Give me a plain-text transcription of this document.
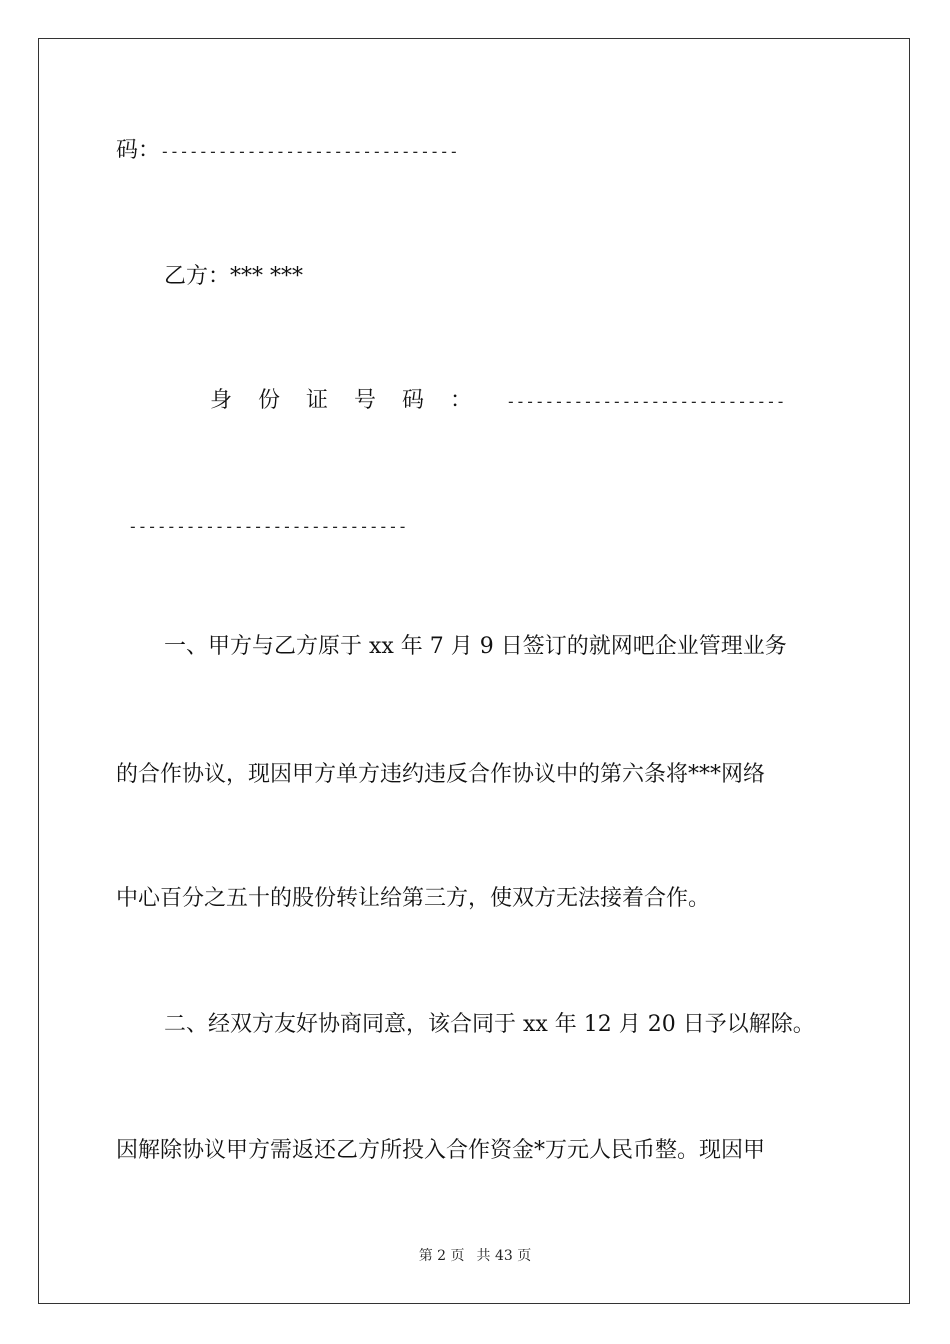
码：-------------------------------
乙方：*** ***
身份证号码： -----------------------------
-----------------------------
一、甲方与乙方原于 xx 年 7 月 9 日签订的就网吧企业管理业务
的合作协议，现因甲方单方违约违反合作协议中的第六条将***网络
中心百分之五十的股份转让给第三方，使双方无法接着合作。
二、经双方友好协商同意，该合同于 xx 年 12 月 20 日予以解除。
因解除协议甲方需返还乙方所投入合作资金*万元人民币整。现因甲
第 2 页 共 43 页
